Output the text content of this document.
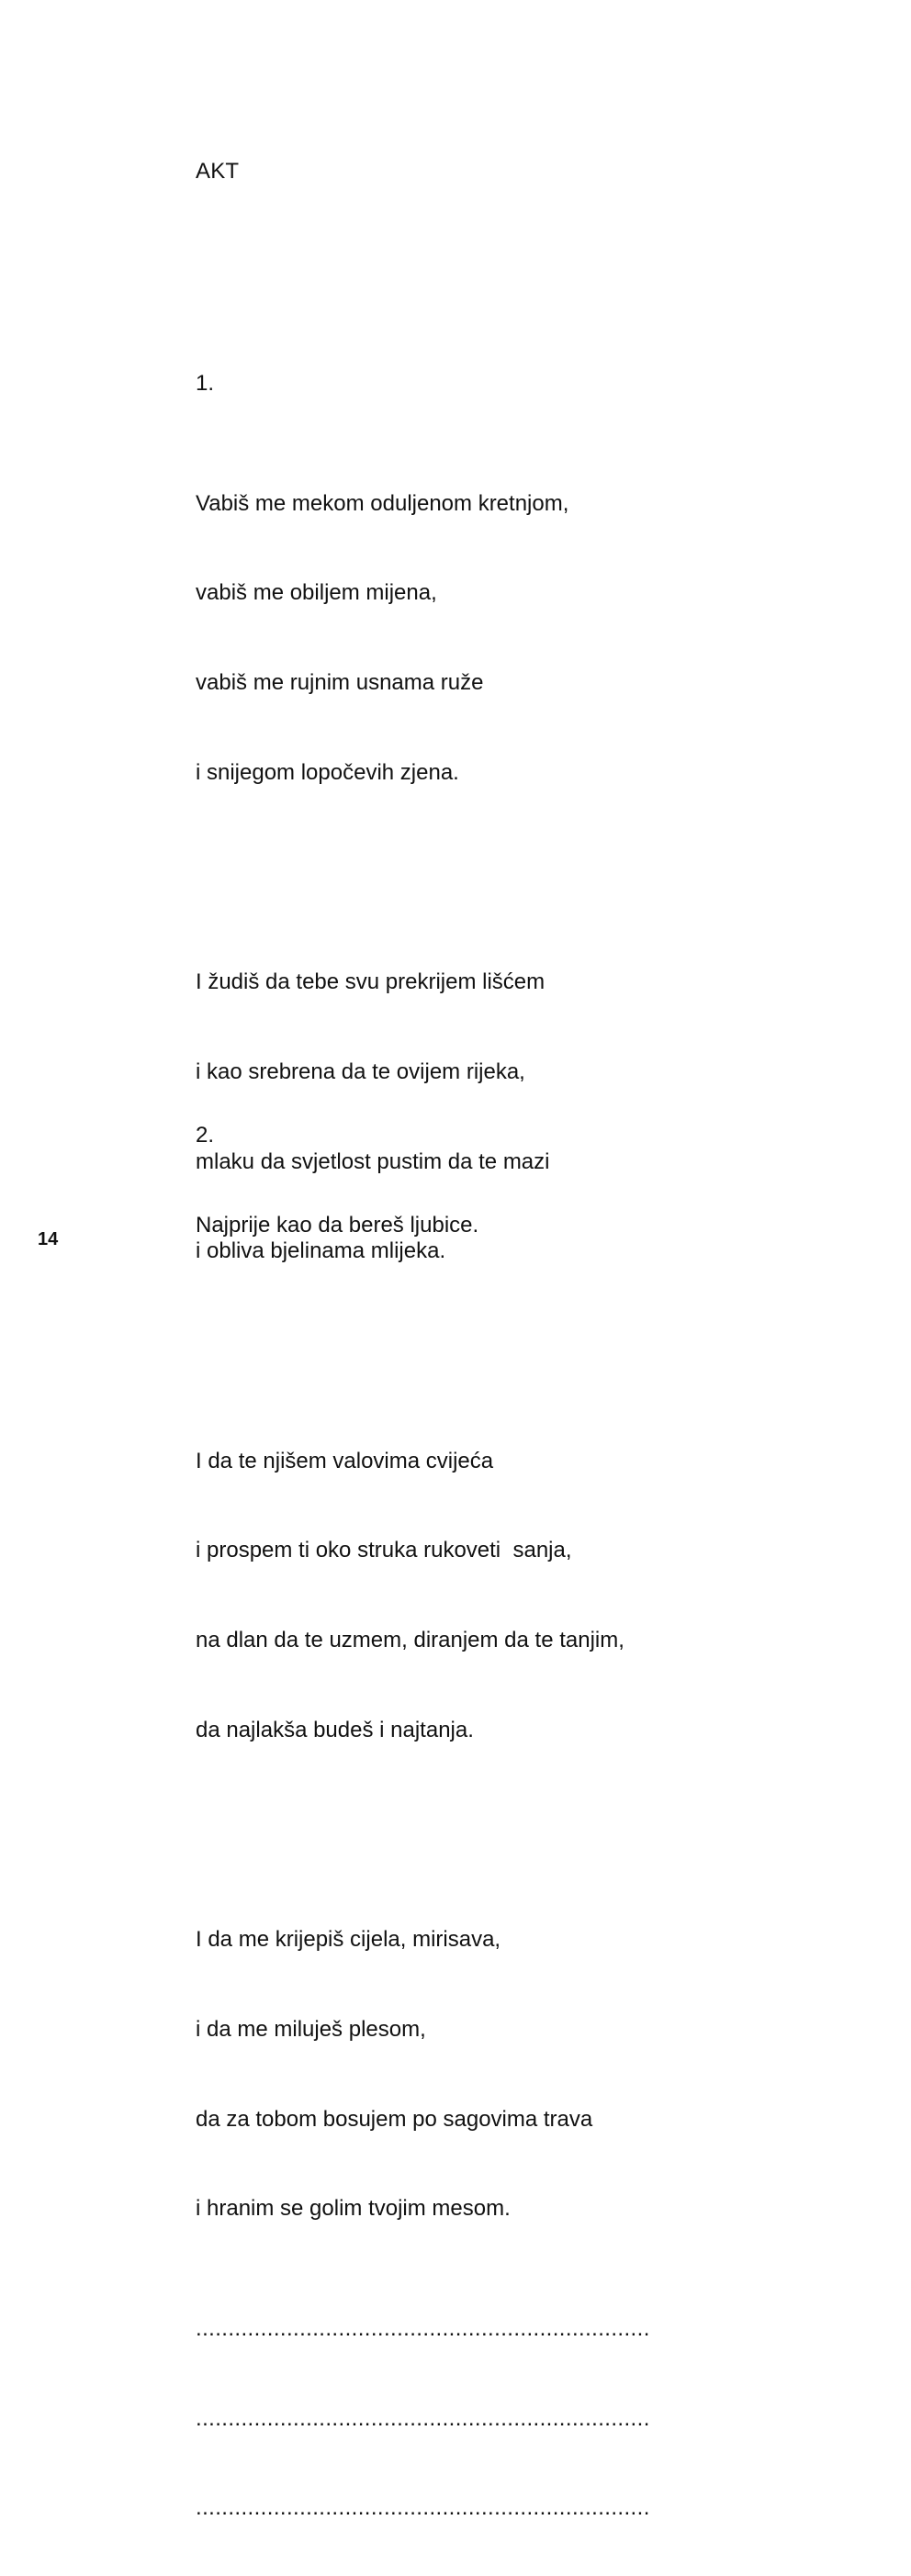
AKT

1.

Vabiš me mekom oduljenom kretnjom,

vabiš me obiljem mijena,

vabiš me rujnim usnama ruže

i snijegom lopočevih zjena.

I žudiš da tebe svu prekrijem lišćem

i kao srebrena da te ovijem rijeka,

mlaku da svjetlost pustim da te mazi

i obliva bjelinama mlijeka.

I da te njišem valovima cvijeća

i prospem ti oko struka rukoveti  sanja,

na dlan da te uzmem, diranjem da te tanjim,

da najlakša budeš i najtanja.

I da me krijepiš cijela, mirisava,

i da me miluješ plesom,

da za tobom bosujem po sagovima trava

i hranim se golim tvojim mesom.

......................................................................

......................................................................

......................................................................

2.

Najprije kao da bereš ljubice.

14
